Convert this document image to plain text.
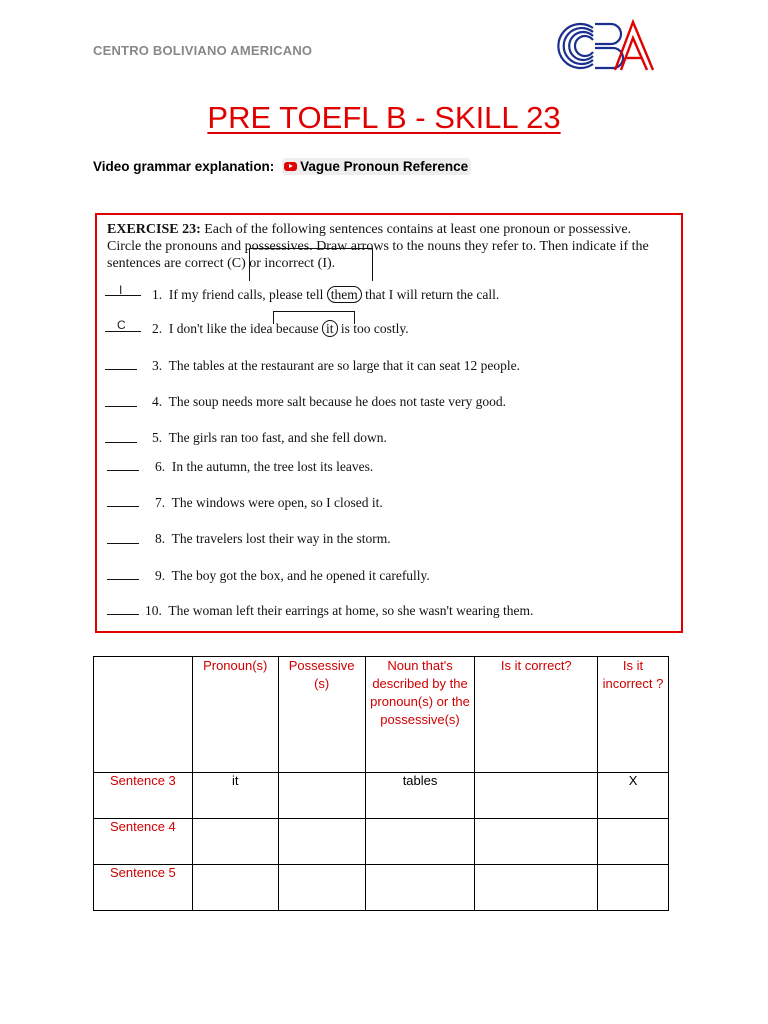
CENTRO BOLIVIANO AMERICANO
PRE TOEFL B - SKILL 23
Video grammar explanation: Vague Pronoun Reference
EXERCISE 23: Each of the following sentences contains at least one pronoun or possessive. Circle the pronouns and possessives. Draw arrows to the nouns they refer to. Then indicate if the sentences are correct (C) or incorrect (I).
I 1. If my friend calls, please tell them that I will return the call.
C 2. I don't like the idea because it is too costly.
3. The tables at the restaurant are so large that it can seat 12 people.
4. The soup needs more salt because he does not taste very good.
5. The girls ran too fast, and she fell down.
6. In the autumn, the tree lost its leaves.
7. The windows were open, so I closed it.
8. The travelers lost their way in the storm.
9. The boy got the box, and he opened it carefully.
10. The woman left their earrings at home, so she wasn't wearing them.
	Pronoun(s)	Possessive (s)	Noun that's described by the pronoun(s) or the possessive(s)	Is it correct?	Is it incorrect ?
Sentence 3	it		tables		X
Sentence 4					
Sentence 5					
